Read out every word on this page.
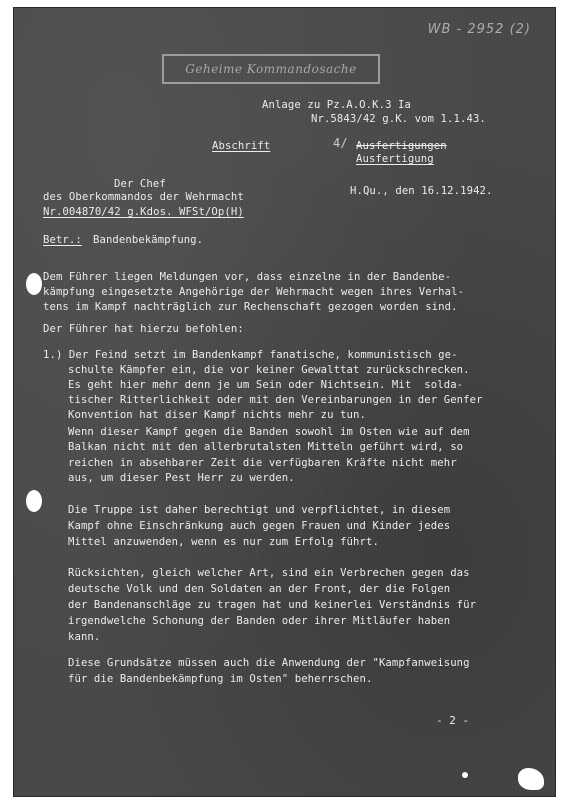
WB - 2952 (2)
Geheime Kommandosache
Anlage zu Pz.A.O.K.3 Ia
Nr.5843/42 g.K. vom 1.1.43.
Abschrift	4/ Ausfertigungen
Ausfertigung
Der Chef
des Oberkommandos der Wehrmacht
Nr.004870/42 g.Kdos. WFSt/Op(H)
H.Qu., den 16.12.1942.
Betr.: Bandenbekämpfung.
Dem Führer liegen Meldungen vor, dass einzelne in der Bandenbe-
kämpfung eingesetzte Angehörige der Wehrmacht wegen ihres Verhal-
tens im Kampf nachträglich zur Rechenschaft gezogen worden sind.
Der Führer hat hierzu befohlen:
1.) Der Feind setzt im Bandenkampf fanatische, kommunistisch ge-
schulte Kämpfer ein, die vor keiner Gewalttat zurückschrecken.
Es geht hier mehr denn je um Sein oder Nichtsein. Mit  solda-
tischer Ritterlichkeit oder mit den Vereinbarungen in der Genfer
Konvention hat diser Kampf nichts mehr zu tun.
Wenn dieser Kampf gegen die Banden sowohl im Osten wie auf dem
Balkan nicht mit den allerbrutalsten Mitteln geführt wird, so
reichen in absehbarer Zeit die verfügbaren Kräfte nicht mehr
aus, um dieser Pest Herr zu werden.
Die Truppe ist daher berechtigt und verpflichtet, in diesem
Kampf ohne Einschränkung auch gegen Frauen und Kinder jedes
Mittel anzuwenden, wenn es nur zum Erfolg führt.
Rücksichten, gleich welcher Art, sind ein Verbrechen gegen das
deutsche Volk und den Soldaten an der Front, der die Folgen
der Bandenanschläge zu tragen hat und keinerlei Verständnis für
irgendwelche Schonung der Banden oder ihrer Mitläufer haben
kann.
Diese Grundsätze müssen auch die Anwendung der "Kampfanweisung
für die Bandenbekämpfung im Osten" beherrschen.
- 2 -
